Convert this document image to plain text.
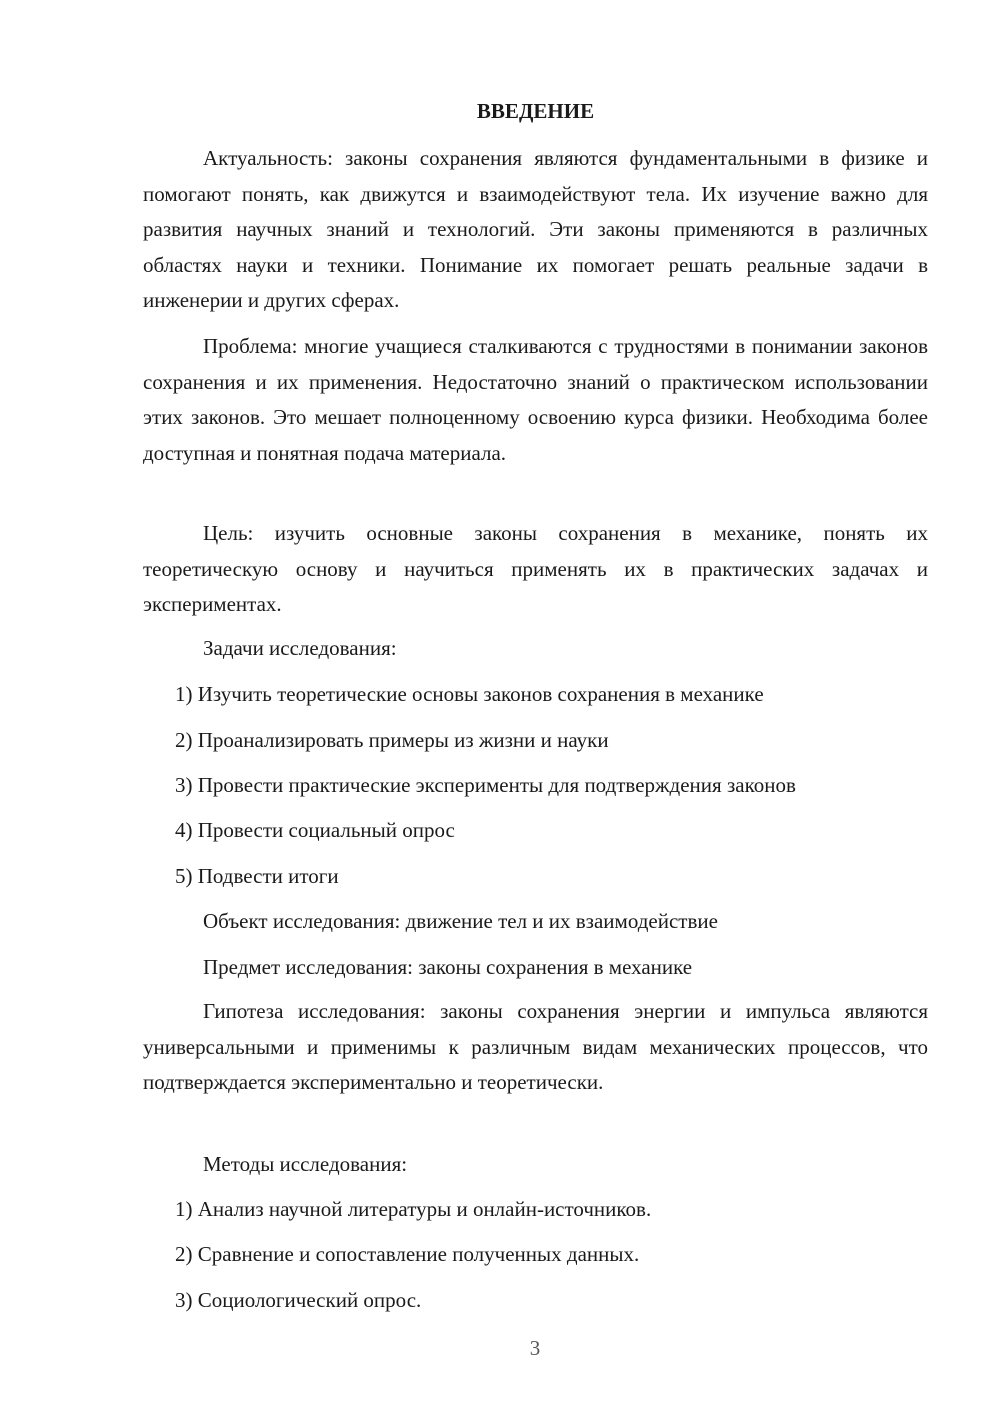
ВВЕДЕНИЕ

Актуальность: законы сохранения являются фундаментальными в физике и помогают понять, как движутся и взаимодействуют тела. Их изучение важно для развития научных знаний и технологий. Эти законы применяются в различных областях науки и техники. Понимание их помогает решать реальные задачи в инженерии и других сферах.

Проблема: многие учащиеся сталкиваются с трудностями в понимании законов сохранения и их применения. Недостаточно знаний о практическом использовании этих законов. Это мешает полноценному освоению курса физики. Необходима более доступная и понятная подача материала.

Цель: изучить основные законы сохранения в механике, понять их теоретическую основу и научиться применять их в практических задачах и экспериментах.

Задачи исследования:

1) Изучить теоретические основы законов сохранения в механике

2) Проанализировать примеры из жизни и науки

3) Провести практические эксперименты для подтверждения законов

4) Провести социальный опрос

5) Подвести итоги

Объект исследования: движение тел и их взаимодействие

Предмет исследования: законы сохранения в механике

Гипотеза исследования: законы сохранения энергии и импульса являются универсальными и применимы к различным видам механических процессов, что подтверждается экспериментально и теоретически.

Методы исследования:

1) Анализ научной литературы и онлайн-источников.

2) Сравнение и сопоставление полученных данных.

3) Социологический опрос.

3
